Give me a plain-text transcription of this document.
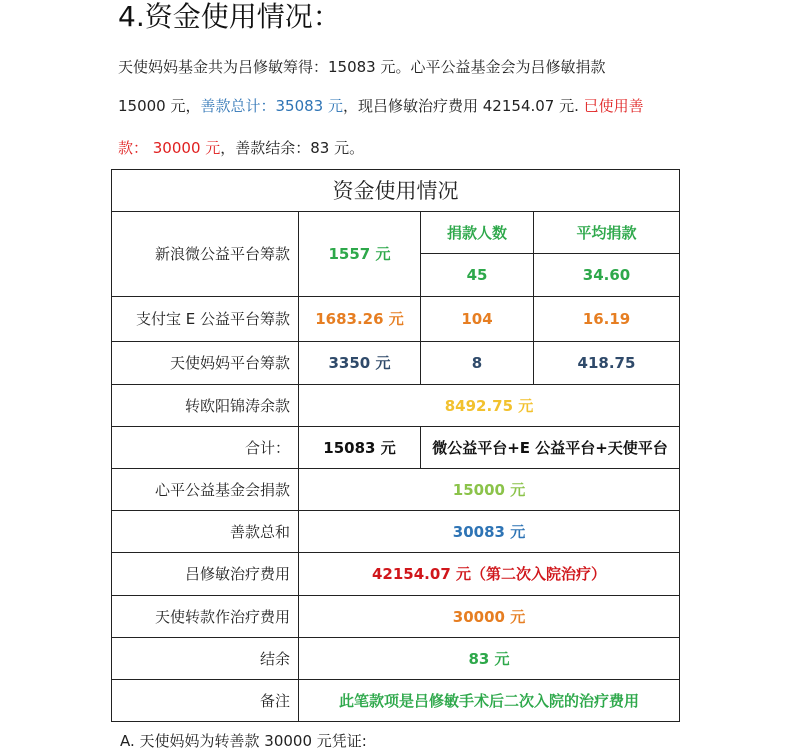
4.资金使用情况：
天使妈妈基金共为吕修敏筹得：15083 元。心平公益基金会为吕修敏捐款
15000 元，善款总计：35083 元，现吕修敏治疗费用 42154.07 元. 已使用善
款： 30000 元，善款结余：83 元。
资金使用情况			
新浪微公益平台筹款	1557 元	捐款人数	平均捐款
		45	34.60
支付宝 E 公益平台筹款	1683.26 元	104	16.19
天使妈妈平台筹款	3350 元	8	418.75
转欧阳锦涛余款	8492.75 元		
合计：	15083 元	微公益平台+E 公益平台+天使平台	
心平公益基金会捐款	15000 元		
善款总和	30083 元		
吕修敏治疗费用	42154.07 元（第二次入院治疗）		
天使转款作治疗费用	30000 元		
结余	83 元		
备注	此笔款项是吕修敏手术后二次入院的治疗费用		
A. 天使妈妈为转善款 30000 元凭证:
